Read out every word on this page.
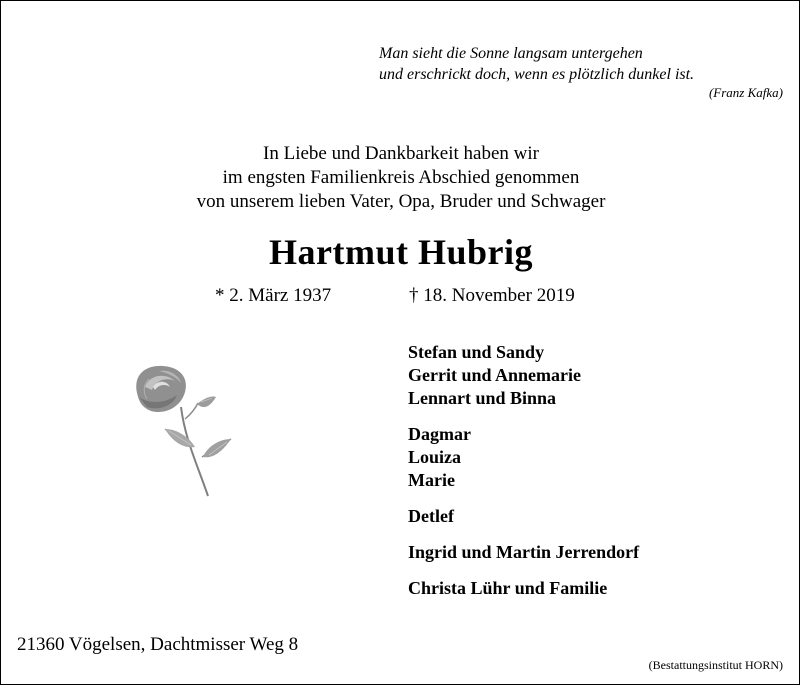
Man sieht die Sonne langsam untergehen
und erschrickt doch, wenn es plötzlich dunkel ist.
(Franz Kafka)
In Liebe und Dankbarkeit haben wir
im engsten Familienkreis Abschied genommen
von unserem lieben Vater, Opa, Bruder und Schwager
Hartmut Hubrig
* 2. März 1937	† 18. November 2019
Stefan und Sandy
Gerrit und Annemarie
Lennart und Binna
Dagmar
Louiza
Marie
Detlef
Ingrid und Martin Jerrendorf
Christa Lühr und Familie
21360 Vögelsen, Dachtmisser Weg 8
(Bestattungsinstitut HORN)
